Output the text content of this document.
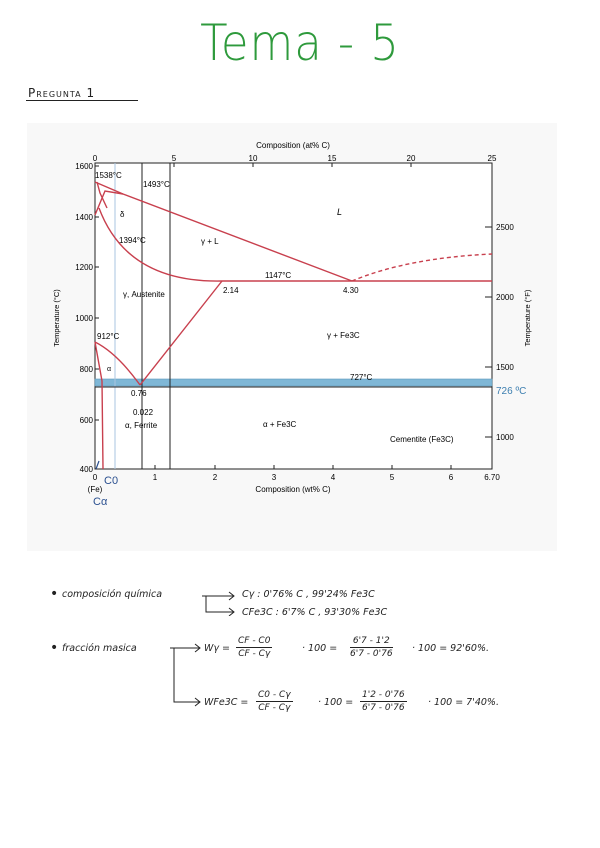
Tema - 5
Pregunta 1
Composition (at% C)
0	5	10	15	20	25
1600
1400
1200
1000
800
600
400
Temperature (°C)
2500
2000
1500
1000
Temperature (°F)
0	1	2	3	4	5	6	6.70
(Fe)	Composition (wt% C)
1538°C
1493°C
δ
1394°C
L
γ + L
1147°C
2.14	4.30
γ, Austenite
912°C	γ + Fe3C
727°C
0.76
0.022
α, Ferrite
α
α + Fe3C
Cementite (Fe3C)
726 ºC
C0
Cα
• composición química	Cγ : 0'76% C , 99'24% Fe3C
CFe3C : 6'7% C , 93'30% Fe3C
• fracción masica	$W\gamma = \frac{CF - C0}{CF - C\gamma}$	· $100 = \frac{6'7 - 1'2}{6'7 - 0'76} \cdot 100 = 92'60\%$.
$WFe3C = \frac{C0 - C\gamma}{CF - C\gamma}$	· $100 = \frac{1'2 - 0'76}{6'7 - 0'76} \cdot 100 = 7'40\%$.
